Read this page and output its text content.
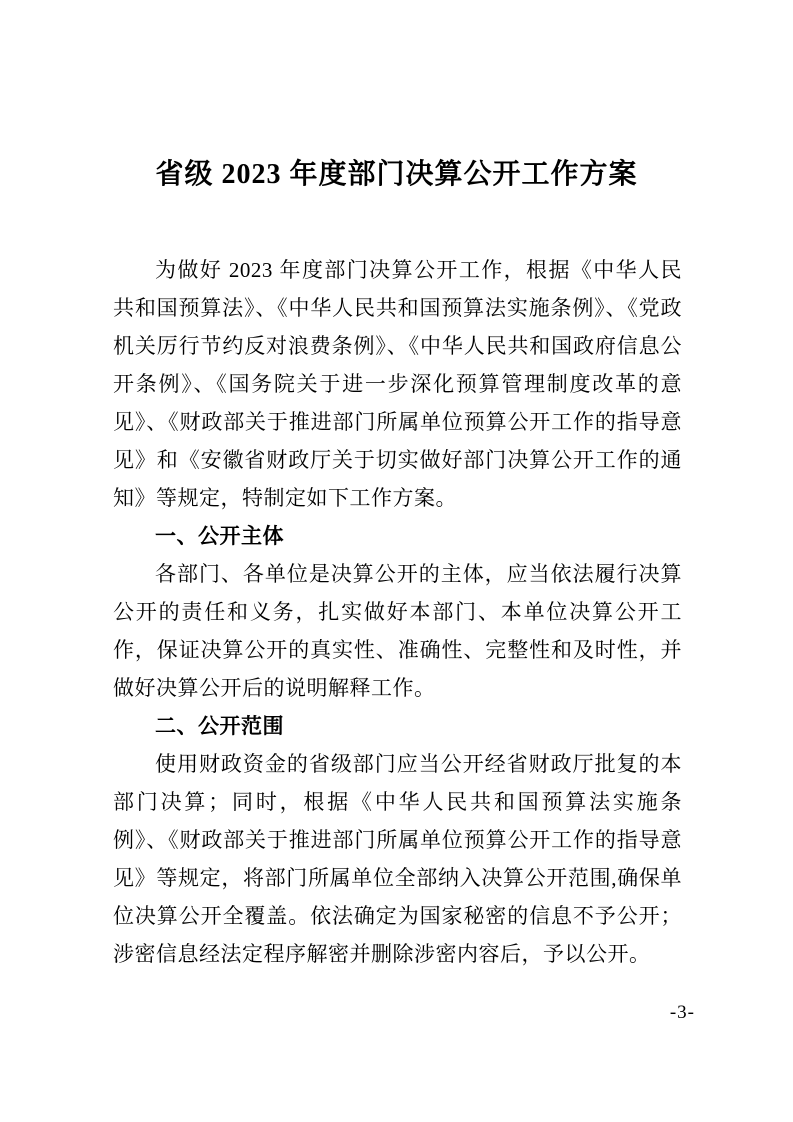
省级 2023 年度部门决算公开工作方案

为做好 2023 年度部门决算公开工作，根据《中华人民共和国预算法》、《中华人民共和国预算法实施条例》、《党政机关厉行节约反对浪费条例》、《中华人民共和国政府信息公开条例》、《国务院关于进一步深化预算管理制度改革的意见》、《财政部关于推进部门所属单位预算公开工作的指导意见》和《安徽省财政厅关于切实做好部门决算公开工作的通知》等规定，特制定如下工作方案。

一、公开主体

各部门、各单位是决算公开的主体，应当依法履行决算公开的责任和义务，扎实做好本部门、本单位决算公开工作，保证决算公开的真实性、准确性、完整性和及时性，并做好决算公开后的说明解释工作。

二、公开范围

使用财政资金的省级部门应当公开经省财政厅批复的本部门决算；同时，根据《中华人民共和国预算法实施条例》、《财政部关于推进部门所属单位预算公开工作的指导意见》等规定，将部门所属单位全部纳入决算公开范围,确保单位决算公开全覆盖。依法确定为国家秘密的信息不予公开；涉密信息经法定程序解密并删除涉密内容后，予以公开。

-3-
